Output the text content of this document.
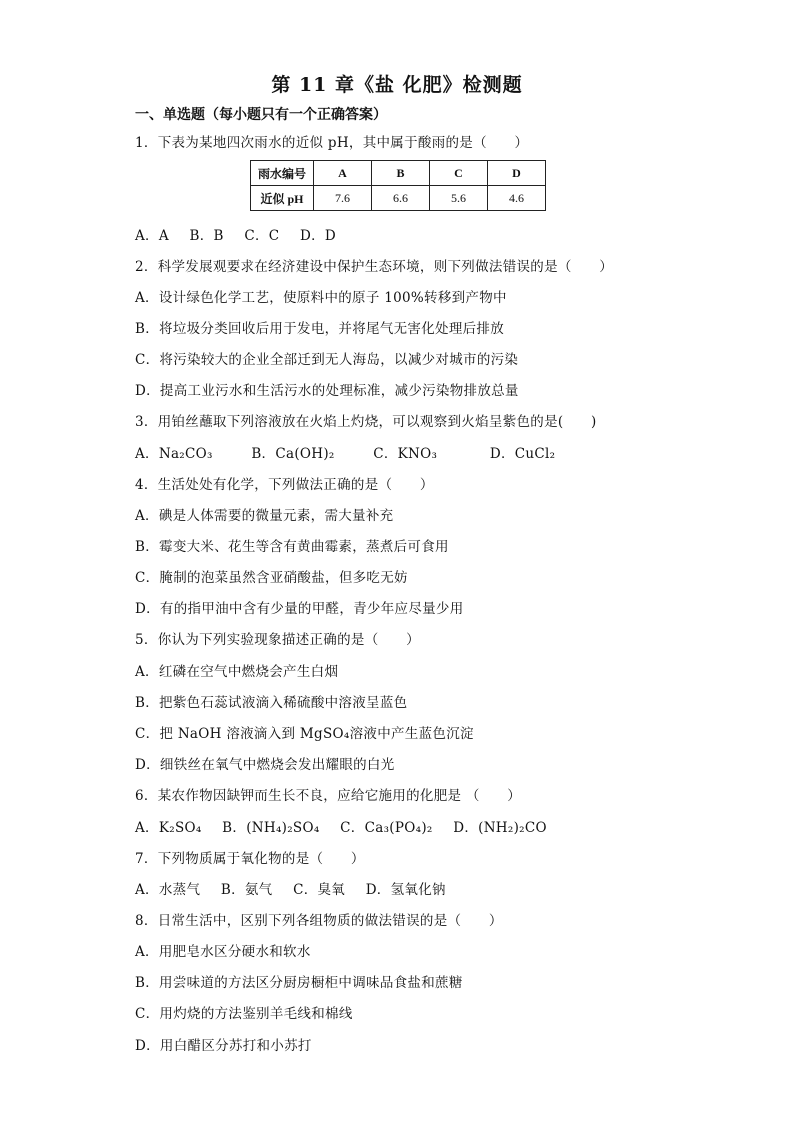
第 11 章《盐 化肥》检测题
一、单选题（每小题只有一个正确答案）
1．下表为某地四次雨水的近似 pH，其中属于酸雨的是（　　）
雨水编号	A	B	C	D
近似 pH	7.6	6.6	5.6	4.6
A．A B．B C．C D．D
2．科学发展观要求在经济建设中保护生态环境，则下列做法错误的是（　　）
A．设计绿色化学工艺，使原料中的原子 100%转移到产物中
B．将垃圾分类回收后用于发电，并将尾气无害化处理后排放
C．将污染较大的企业全部迁到无人海岛，以减少对城市的污染
D．提高工业污水和生活污水的处理标准，减少污染物排放总量
3．用铂丝蘸取下列溶液放在火焰上灼烧，可以观察到火焰呈紫色的是(　　)
A．Na₂CO₃	B．Ca(OH)₂	C．KNO₃	D．CuCl₂
4．生活处处有化学，下列做法正确的是（　　）
A．碘是人体需要的微量元素，需大量补充
B．霉变大米、花生等含有黄曲霉素，蒸煮后可食用
C．腌制的泡菜虽然含亚硝酸盐，但多吃无妨
D．有的指甲油中含有少量的甲醛，青少年应尽量少用
5．你认为下列实验现象描述正确的是（　　）
A．红磷在空气中燃烧会产生白烟
B．把紫色石蕊试液滴入稀硫酸中溶液呈蓝色
C．把 NaOH 溶液滴入到 MgSO₄溶液中产生蓝色沉淀
D．细铁丝在氧气中燃烧会发出耀眼的白光
6．某农作物因缺钾而生长不良，应给它施用的化肥是 （　　）
A．K₂SO₄ B．(NH₄)₂SO₄ C．Ca₃(PO₄)₂ D．(NH₂)₂CO
7．下列物质属于氧化物的是（　　）
A．水蒸气 B．氨气 C．臭氧 D．氢氧化钠
8．日常生活中，区别下列各组物质的做法错误的是（　　）
A．用肥皂水区分硬水和软水
B．用尝味道的方法区分厨房橱柜中调味品食盐和蔗糖
C．用灼烧的方法鉴别羊毛线和棉线
D．用白醋区分苏打和小苏打
